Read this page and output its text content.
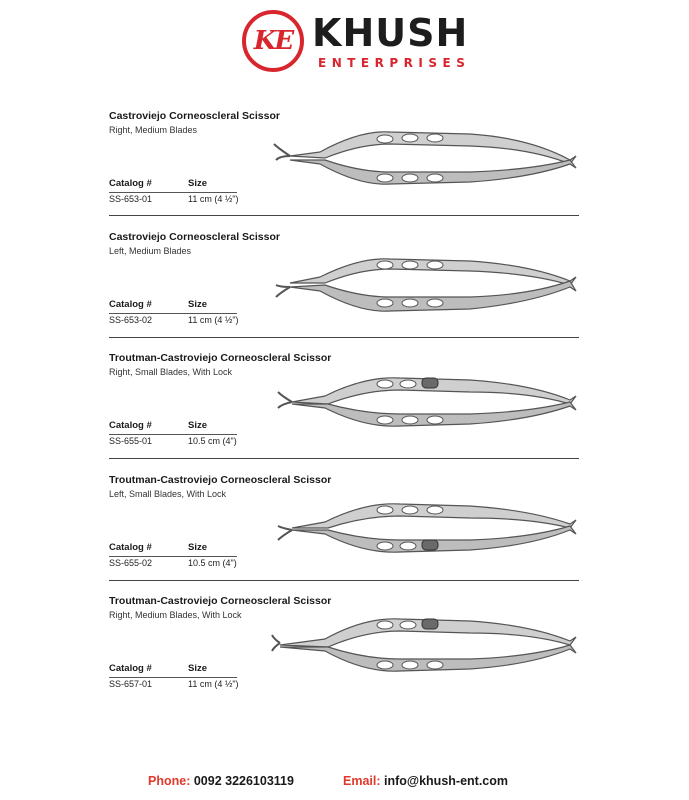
KE KHUSH
ENTERPRISES
Castroviejo Corneoscleral Scissor
Right, Medium Blades
Catalog #	Size
SS-653-01	11 cm (4 ½")
Castroviejo Corneoscleral Scissor
Left, Medium Blades
Catalog #	Size
SS-653-02	11 cm (4 ½")
Troutman-Castroviejo Corneoscleral Scissor
Right, Small Blades, With Lock
Catalog #	Size
SS-655-01	10.5 cm (4")
Troutman-Castroviejo Corneoscleral Scissor
Left, Small Blades, With Lock
Catalog #	Size
SS-655-02	10.5 cm (4")
Troutman-Castroviejo Corneoscleral Scissor
Right, Medium Blades, With Lock
Catalog #	Size
SS-657-01	11 cm (4 ½")
Phone: 0092 3226103119	Email: info@khush-ent.com
